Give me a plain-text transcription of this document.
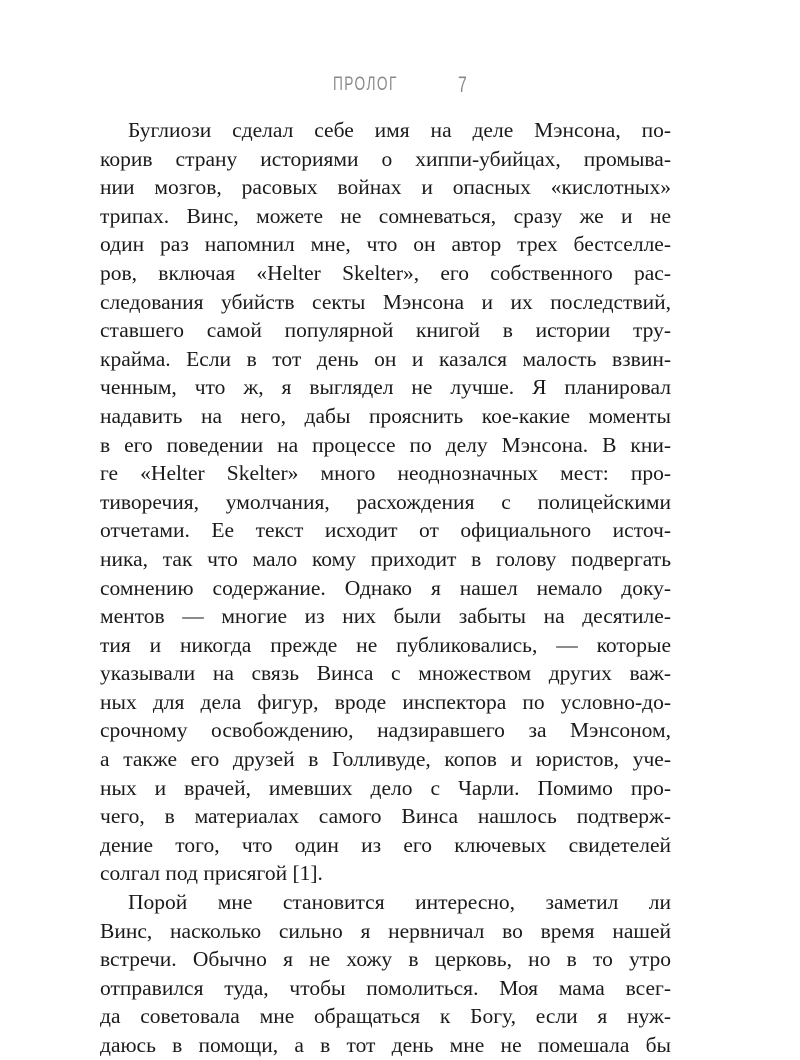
ПРОЛОГ	7
Буглиози сделал себе имя на деле Мэнсона, по-
корив страну историями о хиппи-убийцах, промыва-
нии мозгов, расовых войнах и опасных «кислотных»
трипах. Винс, можете не сомневаться, сразу же и не
один раз напомнил мне, что он автор трех бестселле-
ров, включая «Helter Skelter», его собственного рас-
следования убийств секты Мэнсона и их последствий,
ставшего самой популярной книгой в истории тру-
крайма. Если в тот день он и казался малость взвин-
ченным, что ж, я выглядел не лучше. Я планировал
надавить на него, дабы прояснить кое-какие моменты
в его поведении на процессе по делу Мэнсона. В кни-
ге «Helter Skelter» много неоднозначных мест: про-
тиворечия, умолчания, расхождения с полицейскими
отчетами. Ее текст исходит от официального источ-
ника, так что мало кому приходит в голову подвергать
сомнению содержание. Однако я нашел немало доку-
ментов — многие из них были забыты на десятиле-
тия и никогда прежде не публиковались, — которые
указывали на связь Винса с множеством других важ-
ных для дела фигур, вроде инспектора по условно-до-
срочному освобождению, надзиравшего за Мэнсоном,
а также его друзей в Голливуде, копов и юристов, уче-
ных и врачей, имевших дело с Чарли. Помимо про-
чего, в материалах самого Винса нашлось подтверж-
дение того, что один из его ключевых свидетелей
солгал под присягой [1].
Порой мне становится интересно, заметил ли
Винс, насколько сильно я нервничал во время нашей
встречи. Обычно я не хожу в церковь, но в то утро
отправился туда, чтобы помолиться. Моя мама всег-
да советовала мне обращаться к Богу, если я нуж-
даюсь в помощи, а в тот день мне не помешала бы
